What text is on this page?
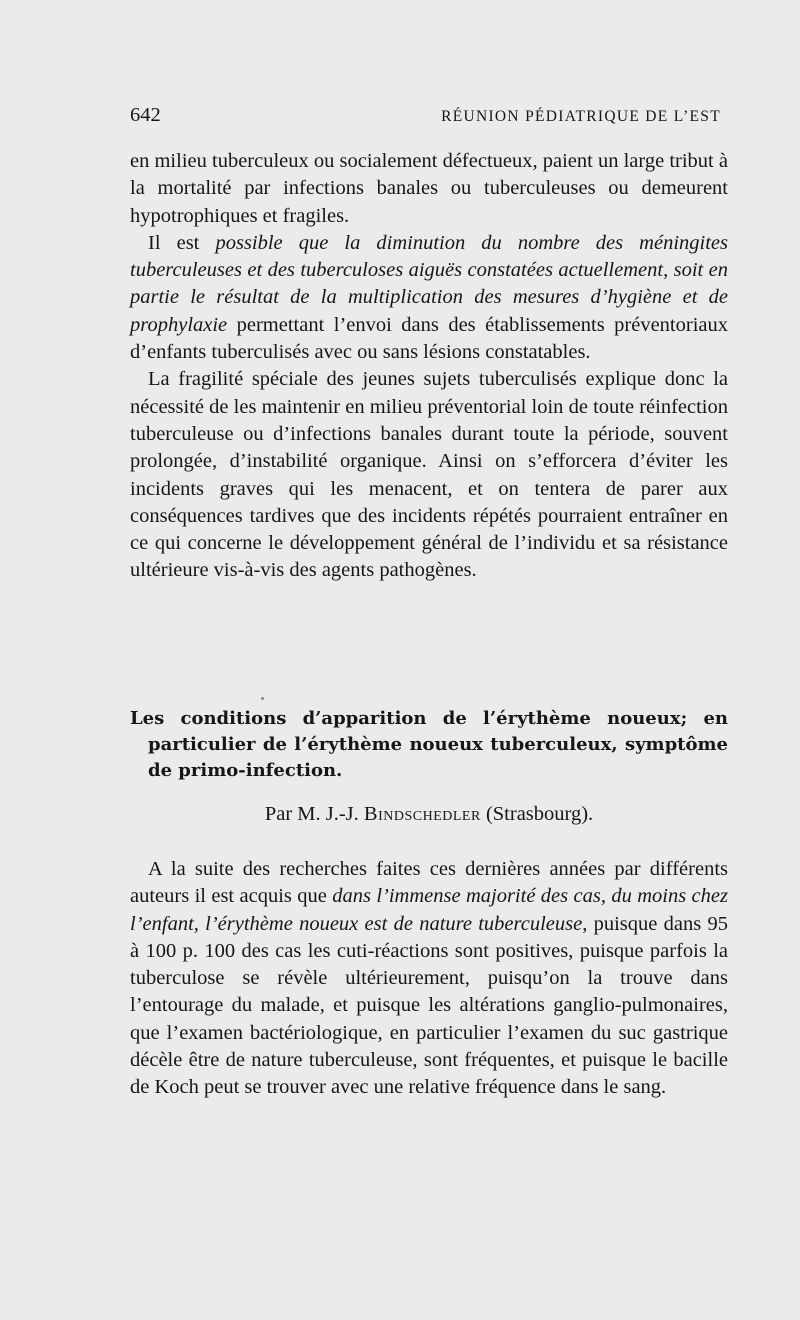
642	RÉUNION PÉDIATRIQUE DE L’EST

en milieu tuberculeux ou socialement défectueux, paient un large tribut à la mortalité par infections banales ou tuberculeuses ou demeurent hypotrophiques et fragiles.

Il est possible que la diminution du nombre des méningites tuberculeuses et des tuberculoses aiguës constatées actuellement, soit en partie le résultat de la multiplication des mesures d’hygiène et de prophylaxie permettant l’envoi dans des établissements préventoriaux d’enfants tuberculisés avec ou sans lésions constatables.

La fragilité spéciale des jeunes sujets tuberculisés explique donc la nécessité de les maintenir en milieu préventorial loin de toute réinfection tuberculeuse ou d’infections banales durant toute la période, souvent prolongée, d’instabilité organique. Ainsi on s’efforcera d’éviter les incidents graves qui les menacent, et on tentera de parer aux conséquences tardives que des incidents répétés pourraient entraîner en ce qui concerne le développement général de l’individu et sa résistance ultérieure vis-à-vis des agents pathogènes.

Les conditions d’apparition de l’érythème noueux; en particulier de l’érythème noueux tuberculeux, symptôme de primo-infection.
Par M. J.-J. Bindschedler (Strasbourg).

A la suite des recherches faites ces dernières années par différents auteurs il est acquis que dans l’immense majorité des cas, du moins chez l’enfant, l’érythème noueux est de nature tuberculeuse, puisque dans 95 à 100 p. 100 des cas les cuti-réactions sont positives, puisque parfois la tuberculose se révèle ultérieurement, puisqu’on la trouve dans l’entourage du malade, et puisque les altérations ganglio-pulmonaires, que l’examen bactériologique, en particulier l’examen du suc gastrique décèle être de nature tuberculeuse, sont fréquentes, et puisque le bacille de Koch peut se trouver avec une relative fréquence dans le sang.
